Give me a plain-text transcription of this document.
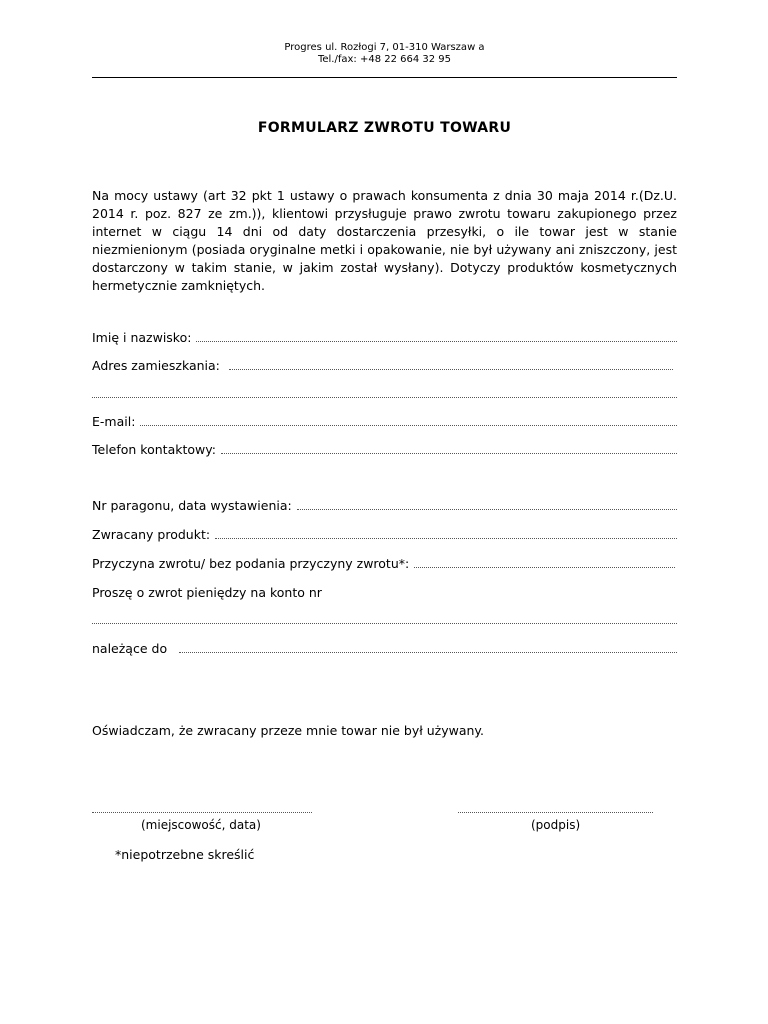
Progres ul. Rozłogi 7, 01-310 Warszaw a
Tel./fax: +48 22 664 32 95
FORMULARZ ZWROTU TOWARU
Na mocy ustawy (art 32 pkt 1 ustawy o prawach konsumenta z dnia 30 maja 2014 r.(Dz.U. 2014 r. poz. 827 ze zm.)), klientowi przysługuje prawo zwrotu towaru zakupionego przez internet w ciągu 14 dni od daty dostarczenia przesyłki, o ile towar jest w stanie niezmienionym (posiada oryginalne metki i opakowanie, nie był używany ani zniszczony, jest dostarczony w takim stanie, w jakim został wysłany). Dotyczy produktów kosmetycznych hermetycznie zamkniętych.
Imię i nazwisko:
Adres zamieszkania:
E-mail:
Telefon kontaktowy:
Nr paragonu, data wystawienia:
Zwracany produkt:
Przyczyna zwrotu/ bez podania przyczyny zwrotu*:
Proszę o zwrot pieniędzy na konto nr
należące do
Oświadczam, że zwracany przeze mnie towar nie był używany.
(miejscowość, data)	(podpis)
*niepotrzebne skreślić
